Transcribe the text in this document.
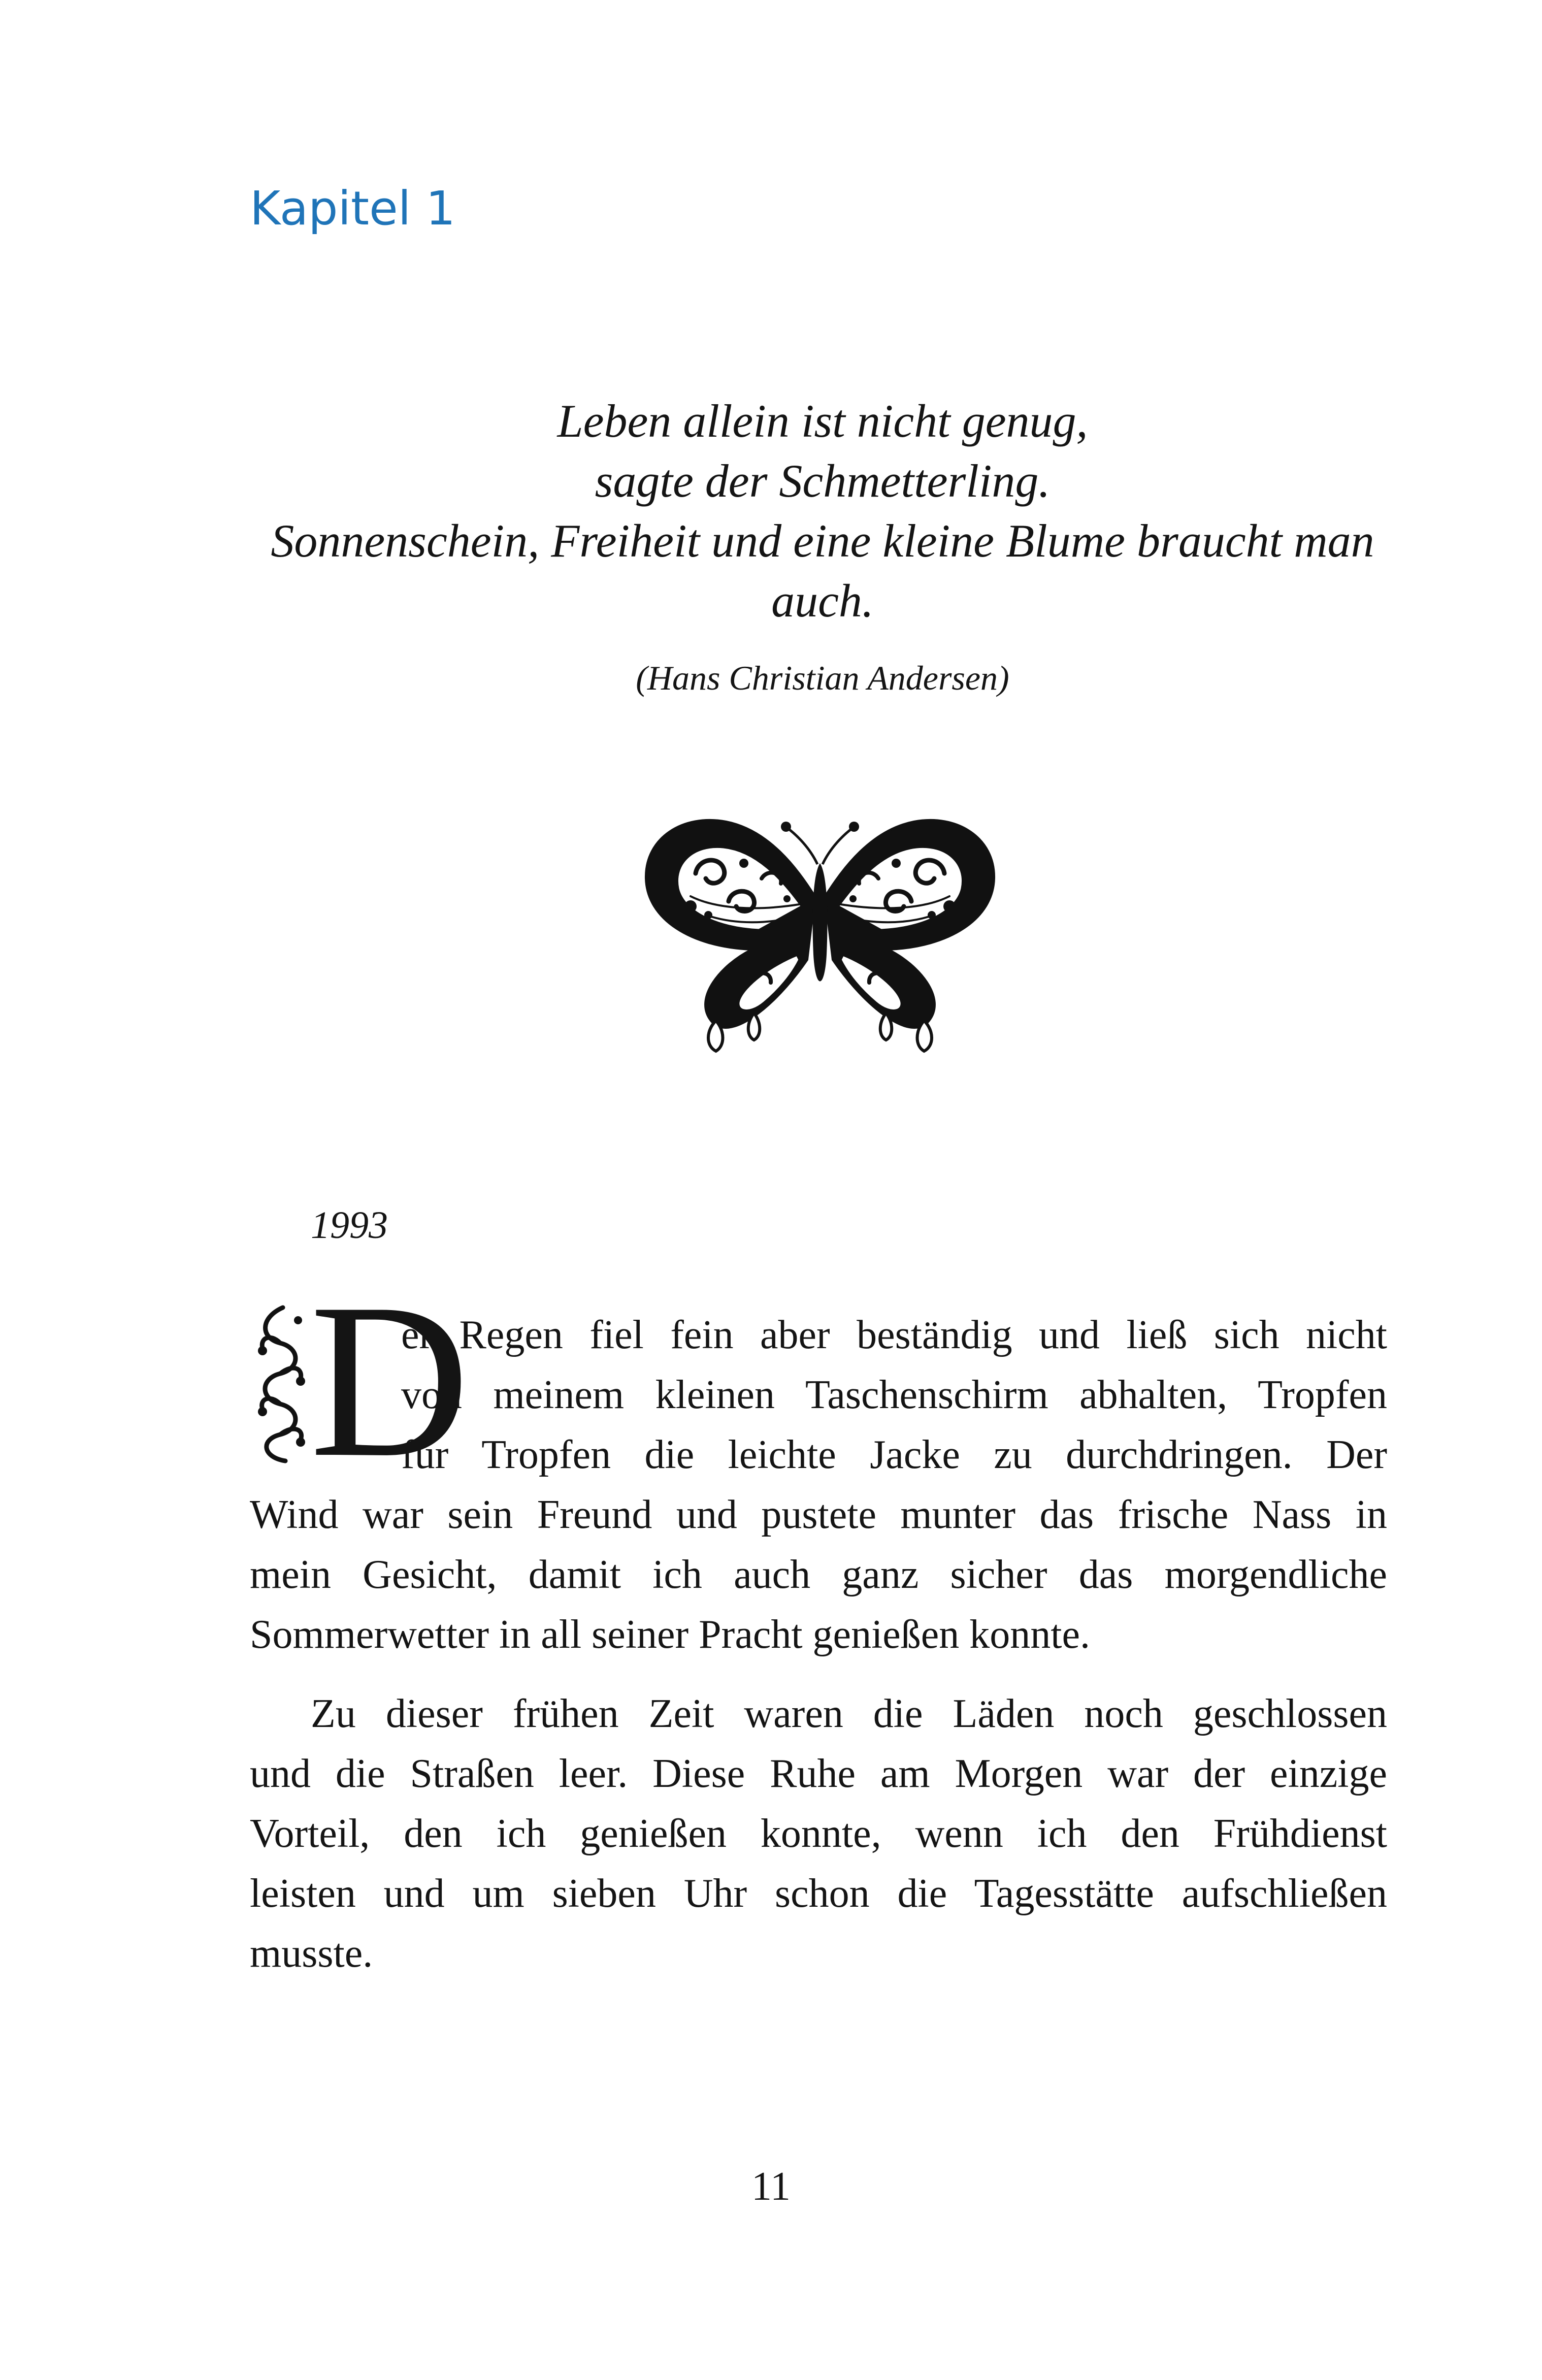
Kapitel 1
Leben allein ist nicht genug,
sagte der Schmetterling.
Sonnenschein, Freiheit und eine kleine Blume braucht man
auch.
(Hans Christian Andersen)
1993
D
er Regen fiel fein aber beständig und ließ sich nicht
von meinem kleinen Taschenschirm abhalten, Tropfen
für Tropfen die leichte Jacke zu durchdringen. Der
Wind war sein Freund und pustete munter das frische Nass in
mein Gesicht, damit ich auch ganz sicher das morgendliche
Sommerwetter in all seiner Pracht genießen konnte.
Zu dieser frühen Zeit waren die Läden noch geschlossen
und die Straßen leer. Diese Ruhe am Morgen war der einzige
Vorteil, den ich genießen konnte, wenn ich den Frühdienst
leisten und um sieben Uhr schon die Tagesstätte aufschließen
musste.
11
